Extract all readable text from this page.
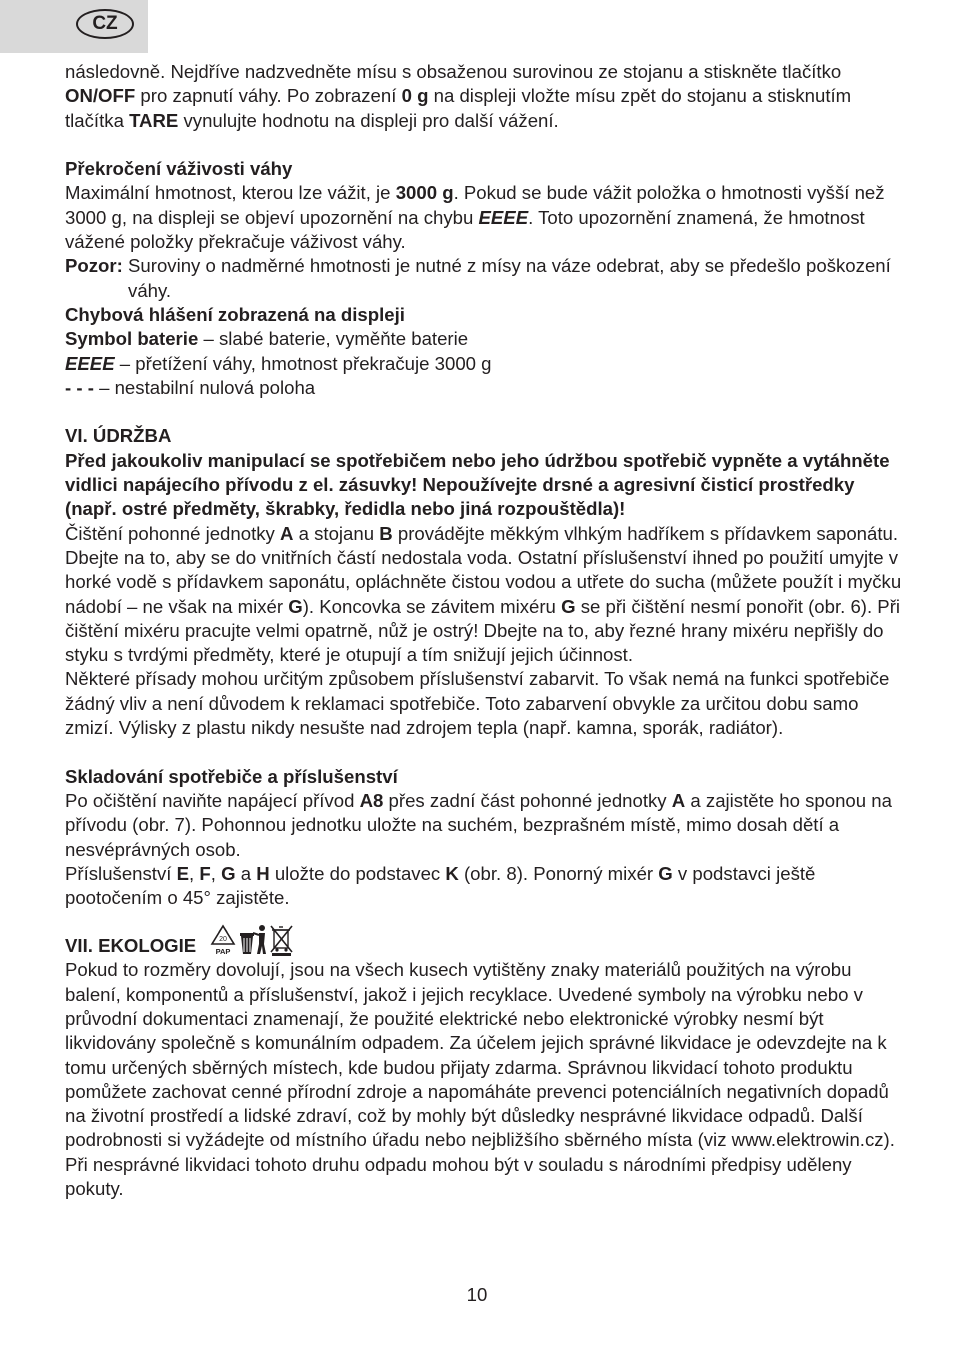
CZ

následovně. Nejdříve nadzvedněte mísu s obsaženou surovinou ze stojanu a stiskněte tlačítko ON/OFF pro zapnutí váhy. Po zobrazení 0 g na displeji vložte mísu zpět do stojanu a stisknutím tlačítka TARE vynulujte hodnotu na displeji pro další vážení.

Překročení váživosti váhy

Maximální hmotnost, kterou lze vážit, je 3000 g. Pokud se bude vážit položka o hmotnosti vyšší než 3000 g, na displeji se objeví upozornění na chybu EEEE. Toto upozornění znamená, že hmotnost vážené položky překračuje váživost váhy.

Pozor: Suroviny o nadměrné hmotnosti je nutné z mísy na váze odebrat, aby se předešlo poškození váhy.

Chybová hlášení zobrazená na displeji

Symbol baterie – slabé baterie, vyměňte baterie

EEEE – přetížení váhy, hmotnost překračuje 3000 g

- - - – nestabilní nulová poloha

VI. ÚDRŽBA

Před jakoukoliv manipulací se spotřebičem nebo jeho údržbou spotřebič vypněte a vytáhněte vidlici napájecího přívodu z el. zásuvky! Nepoužívejte drsné a agresivní čisticí prostředky (např. ostré předměty, škrabky, ředidla nebo jiná rozpouštědla)!

Čištění pohonné jednotky A a stojanu B provádějte měkkým vlhkým hadříkem s přídavkem saponátu. Dbejte na to, aby se do vnitřních částí nedostala voda. Ostatní příslušenství ihned po použití umyjte v horké vodě s přídavkem saponátu, opláchněte čistou vodou a utřete do sucha (můžete použít i myčku nádobí – ne však na mixér G). Koncovka se závitem mixéru G se při čištění nesmí ponořit (obr. 6). Při čištění mixéru pracujte velmi opatrně, nůž je ostrý! Dbejte na to, aby řezné hrany mixéru nepřišly do styku s tvrdými předměty, které je otupují a tím snižují jejich účinnost.

Některé přísady mohou určitým způsobem příslušenství zabarvit. To však nemá na funkci spotřebiče žádný vliv a není důvodem k reklamaci spotřebiče. Toto zabarvení obvykle za určitou dobu samo zmizí. Výlisky z plastu nikdy nesušte nad zdrojem tepla (např. kamna, sporák, radiátor).

Skladování spotřebiče a příslušenství

Po očištění naviňte napájecí přívod A8 přes zadní část pohonné jednotky A a zajistěte ho sponou na přívodu (obr. 7). Pohonnou jednotku uložte na suchém, bezprašném místě, mimo dosah dětí a nesvéprávných osob.

Příslušenství E, F, G a H uložte do podstavec K (obr. 8). Ponorný mixér G v podstavci ještě pootočením o 45° zajistěte.

VII. EKOLOGIE	20
PAP

Pokud to rozměry dovolují, jsou na všech kusech vytištěny znaky materiálů použitých na výrobu balení, komponentů a příslušenství, jakož i jejich recyklace. Uvedené symboly na výrobku nebo v průvodní dokumentaci znamenají, že použité elektrické nebo elektronické výrobky nesmí být likvidovány společně s komunálním odpadem. Za účelem jejich správné likvidace je odevzdejte na k tomu určených sběrných místech, kde budou přijaty zdarma. Správnou likvidací tohoto produktu pomůžete zachovat cenné přírodní zdroje a napomáháte prevenci potenciálních negativních dopadů na životní prostředí a lidské zdraví, což by mohly být důsledky nesprávné likvidace odpadů. Další podrobnosti si vyžádejte od místního úřadu nebo nejbližšího sběrného místa (viz www.elektrowin.cz).

Při nesprávné likvidaci tohoto druhu odpadu mohou být v souladu s národními předpisy uděleny pokuty.

10
